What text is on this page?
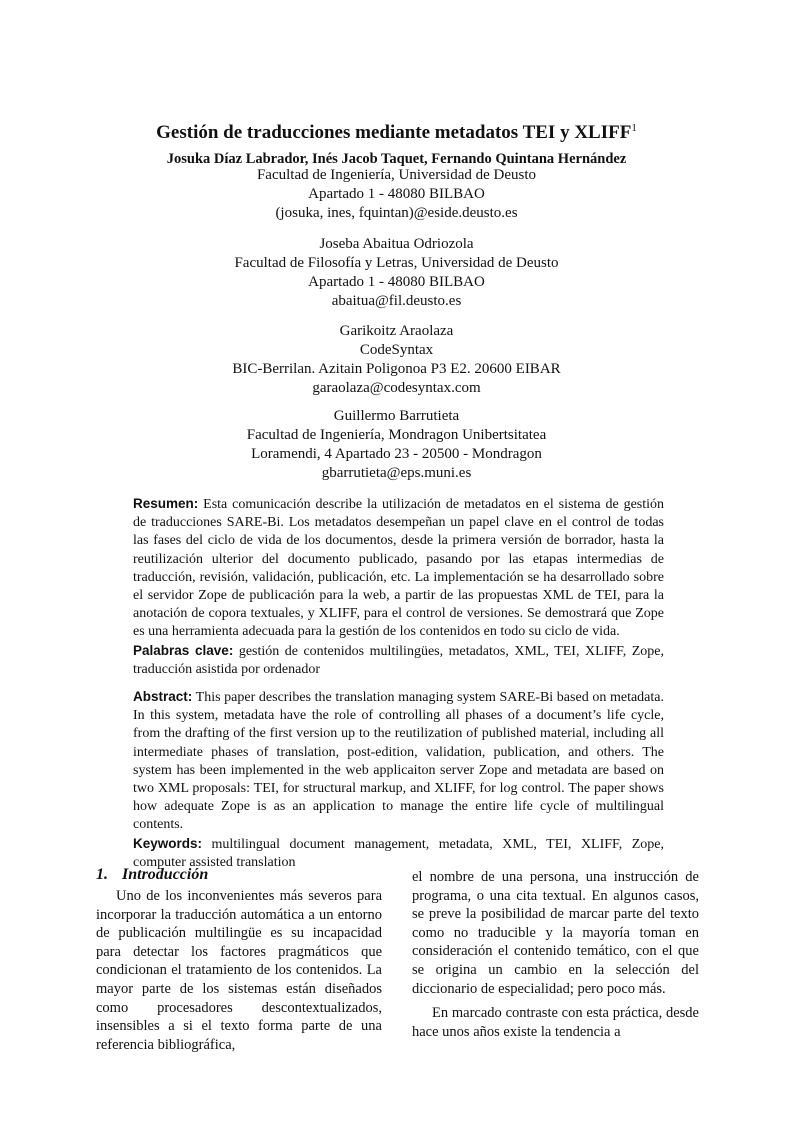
Gestión de traducciones mediante metadatos TEI y XLIFF$^1$
Josuka Díaz Labrador, Inés Jacob Taquet, Fernando Quintana Hernández
Facultad de Ingeniería, Universidad de Deusto
Apartado 1 - 48080 BILBAO
(josuka, ines, fquintan)@eside.deusto.es
Joseba Abaitua Odriozola
Facultad de Filosofía y Letras, Universidad de Deusto
Apartado 1 - 48080 BILBAO
abaitua@fil.deusto.es
Garikoitz Araolaza
CodeSyntax
BIC-Berrilan. Azitain Poligonoa P3 E2. 20600 EIBAR
garaolaza@codesyntax.com
Guillermo Barrutieta
Facultad de Ingeniería, Mondragon Unibertsitatea
Loramendi, 4 Apartado 23 - 20500 - Mondragon
gbarrutieta@eps.muni.es

Resumen: Esta comunicación describe la utilización de metadatos en el sistema de gestión de traducciones SARE-Bi. Los metadatos desempeñan un papel clave en el control de todas las fases del ciclo de vida de los documentos, desde la primera versión de borrador, hasta la reutilización ulterior del documento publicado, pasando por las etapas intermedias de traducción, revisión, validación, publicación, etc. La implementación se ha desarrollado sobre el servidor Zope de publicación para la web, a partir de las propuestas XML de TEI, para la anotación de copora textuales, y XLIFF, para el control de versiones. Se demostrará que Zope es una herramienta adecuada para la gestión de los contenidos en todo su ciclo de vida.

Palabras clave: gestión de contenidos multilingües, metadatos, XML, TEI, XLIFF, Zope, traducción asistida por ordenador

Abstract: This paper describes the translation managing system SARE-Bi based on metadata. In this system, metadata have the role of controlling all phases of a document’s life cycle, from the drafting of the first version up to the reutilization of published material, including all intermediate phases of translation, post-edition, validation, publication, and others. The system has been implemented in the web applicaiton server Zope and metadata are based on two XML proposals: TEI, for structural markup, and XLIFF, for log control. The paper shows how adequate Zope is as an application to manage the entire life cycle of multilingual contents.

Keywords: multilingual document management, metadata, XML, TEI, XLIFF, Zope, computer assisted translation

1. Introducción

Uno de los inconvenientes más severos para incorporar la traducción automática a un entorno de publicación multilingüe es su incapacidad para detectar los factores pragmáticos que condicionan el tratamiento de los contenidos. La mayor parte de los sistemas están diseñados como procesadores descontextualizados, insensibles a si el texto forma parte de una referencia bibliográfica,

el nombre de una persona, una instrucción de programa, o una cita textual. En algunos casos, se preve la posibilidad de marcar parte del texto como no traducible y la mayoría toman en consideración el contenido temático, con el que se origina un cambio en la selección del diccionario de especialidad; pero poco más.

En marcado contraste con esta práctica, desde hace unos años existe la tendencia a
